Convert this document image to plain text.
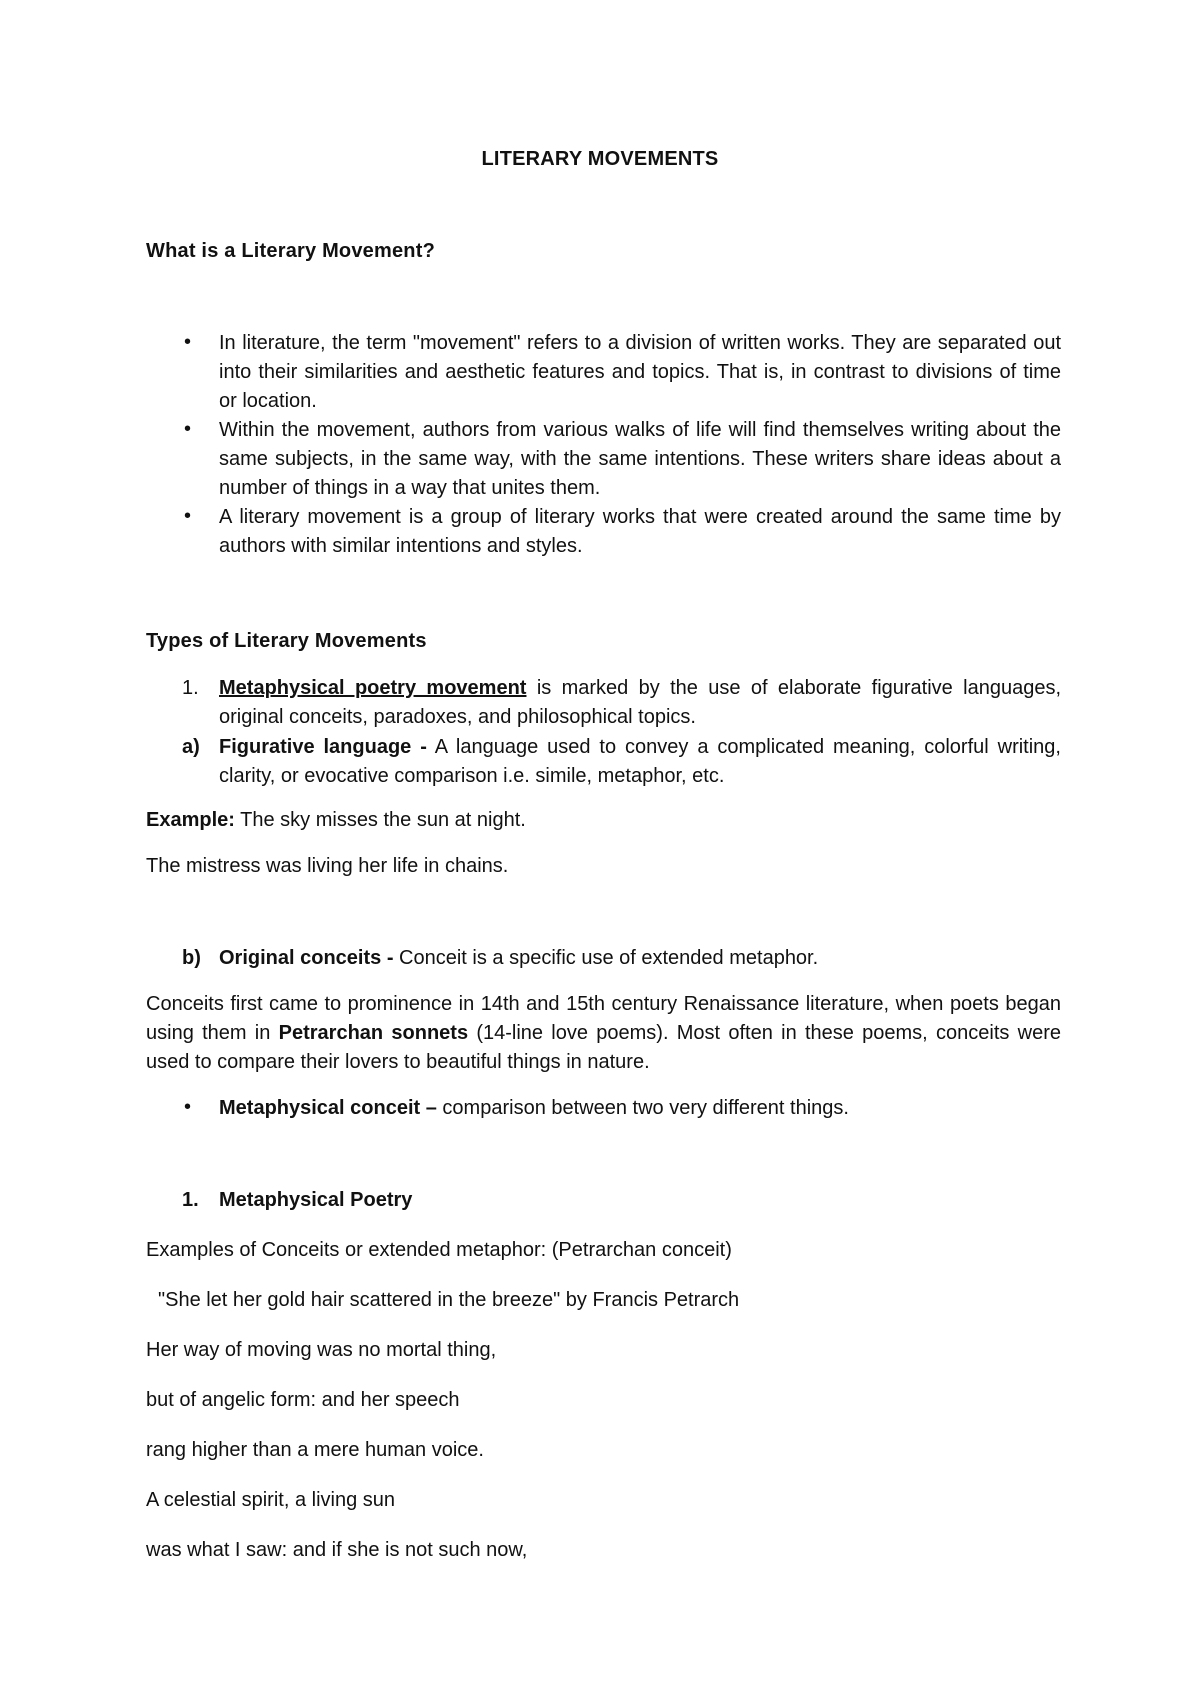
LITERARY MOVEMENTS
What is a Literary Movement?
• In literature, the term "movement" refers to a division of written works. They are separated out into their similarities and aesthetic features and topics. That is, in contrast to divisions of time or location.
• Within the movement, authors from various walks of life will find themselves writing about the same subjects, in the same way, with the same intentions. These writers share ideas about a number of things in a way that unites them.
• A literary movement is a group of literary works that were created around the same time by authors with similar intentions and styles.
Types of Literary Movements
1. Metaphysical poetry movement is marked by the use of elaborate figurative languages, original conceits, paradoxes, and philosophical topics.
a) Figurative language - A language used to convey a complicated meaning, colorful writing, clarity, or evocative comparison i.e. simile, metaphor, etc.
Example: The sky misses the sun at night.
The mistress was living her life in chains.
b) Original conceits - Conceit is a specific use of extended metaphor.
Conceits first came to prominence in 14th and 15th century Renaissance literature, when poets began using them in Petrarchan sonnets (14-line love poems). Most often in these poems, conceits were used to compare their lovers to beautiful things in nature.
• Metaphysical conceit – comparison between two very different things.
1. Metaphysical Poetry
Examples of Conceits or extended metaphor: (Petrarchan conceit)
"She let her gold hair scattered in the breeze" by Francis Petrarch
Her way of moving was no mortal thing,
but of angelic form: and her speech
rang higher than a mere human voice.
A celestial spirit, a living sun
was what I saw: and if she is not such now,
